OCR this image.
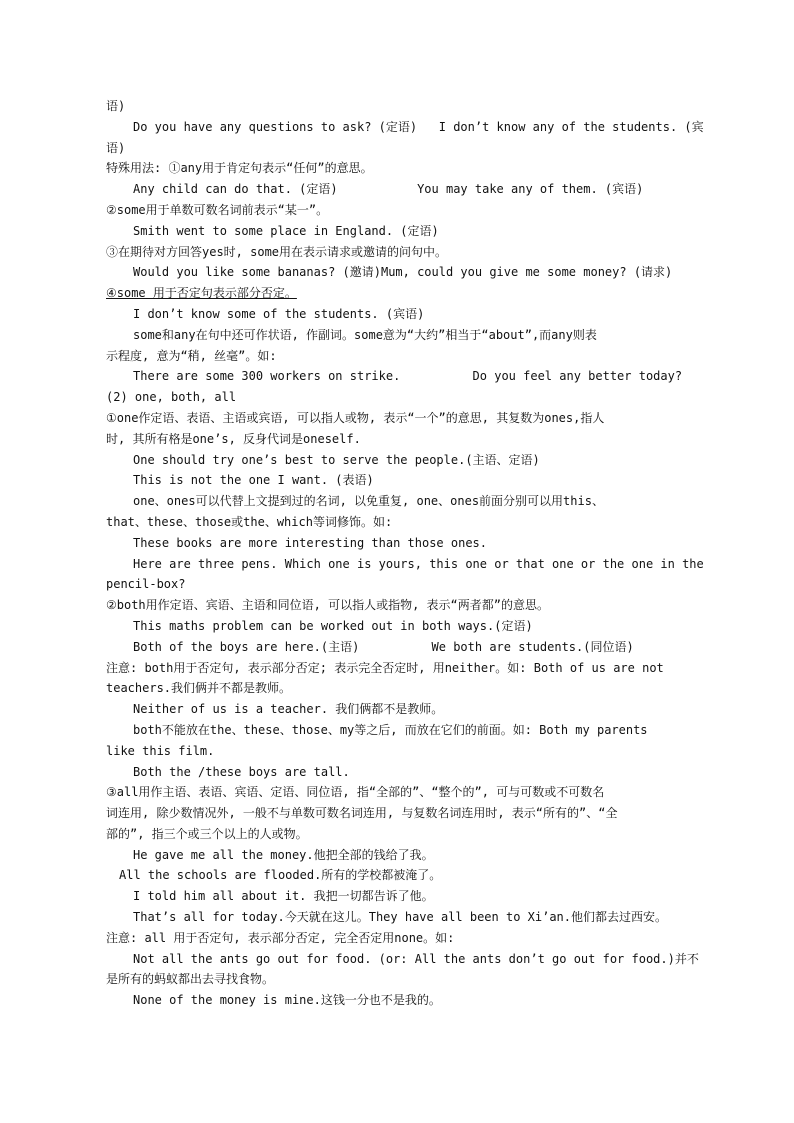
语)
Do you have any questions to ask? (定语)   I don’t know any of the students. (宾
语)
特殊用法: ①any用于肯定句表示“任何”的意思。
Any child can do that. (定语)           You may take any of them. (宾语)
②some用于单数可数名词前表示“某一”。
Smith went to some place in England. (定语)
③在期待对方回答yes时, some用在表示请求或邀请的问句中。
Would you like some bananas? (邀请)Mum, could you give me some money? (请求)
④some 用于否定句表示部分否定。
I don’t know some of the students. (宾语)
some和any在句中还可作状语, 作副词。some意为“大约”相当于“about”,而any则表
示程度, 意为“稍, 丝毫”。如:
There are some 300 workers on strike.          Do you feel any better today?
(2) one, both, all
①one作定语、表语、主语或宾语, 可以指人或物, 表示“一个”的意思, 其复数为ones,指人
时, 其所有格是one’s, 反身代词是oneself.
One should try one’s best to serve the people.(主语、定语)
This is not the one I want. (表语)
one、ones可以代替上文提到过的名词, 以免重复, one、ones前面分别可以用this、
that、these、those或the、which等词修饰。如:
These books are more interesting than those ones.
Here are three pens. Which one is yours, this one or that one or the one in the
pencil-box?
②both用作定语、宾语、主语和同位语, 可以指人或指物, 表示“两者都”的意思。
This maths problem can be worked out in both ways.(定语)
Both of the boys are here.(主语)          We both are students.(同位语)
注意: both用于否定句, 表示部分否定; 表示完全否定时, 用neither。如: Both of us are not
teachers.我们俩并不都是教师。
Neither of us is a teacher. 我们俩都不是教师。
both不能放在the、these、those、my等之后, 而放在它们的前面。如: Both my parents
like this film.
Both the /these boys are tall.
③all用作主语、表语、宾语、定语、同位语, 指“全部的”、“整个的”, 可与可数或不可数名
词连用, 除少数情况外, 一般不与单数可数名词连用, 与复数名词连用时, 表示“所有的”、“全
部的”, 指三个或三个以上的人或物。
He gave me all the money.他把全部的钱给了我。
All the schools are flooded.所有的学校都被淹了。
I told him all about it. 我把一切都告诉了他。
That’s all for today.今天就在这儿。They have all been to Xi’an.他们都去过西安。
注意: all 用于否定句, 表示部分否定, 完全否定用none。如:
Not all the ants go out for food. (or: All the ants don’t go out for food.)并不
是所有的蚂蚁都出去寻找食物。
None of the money is mine.这钱一分也不是我的。
